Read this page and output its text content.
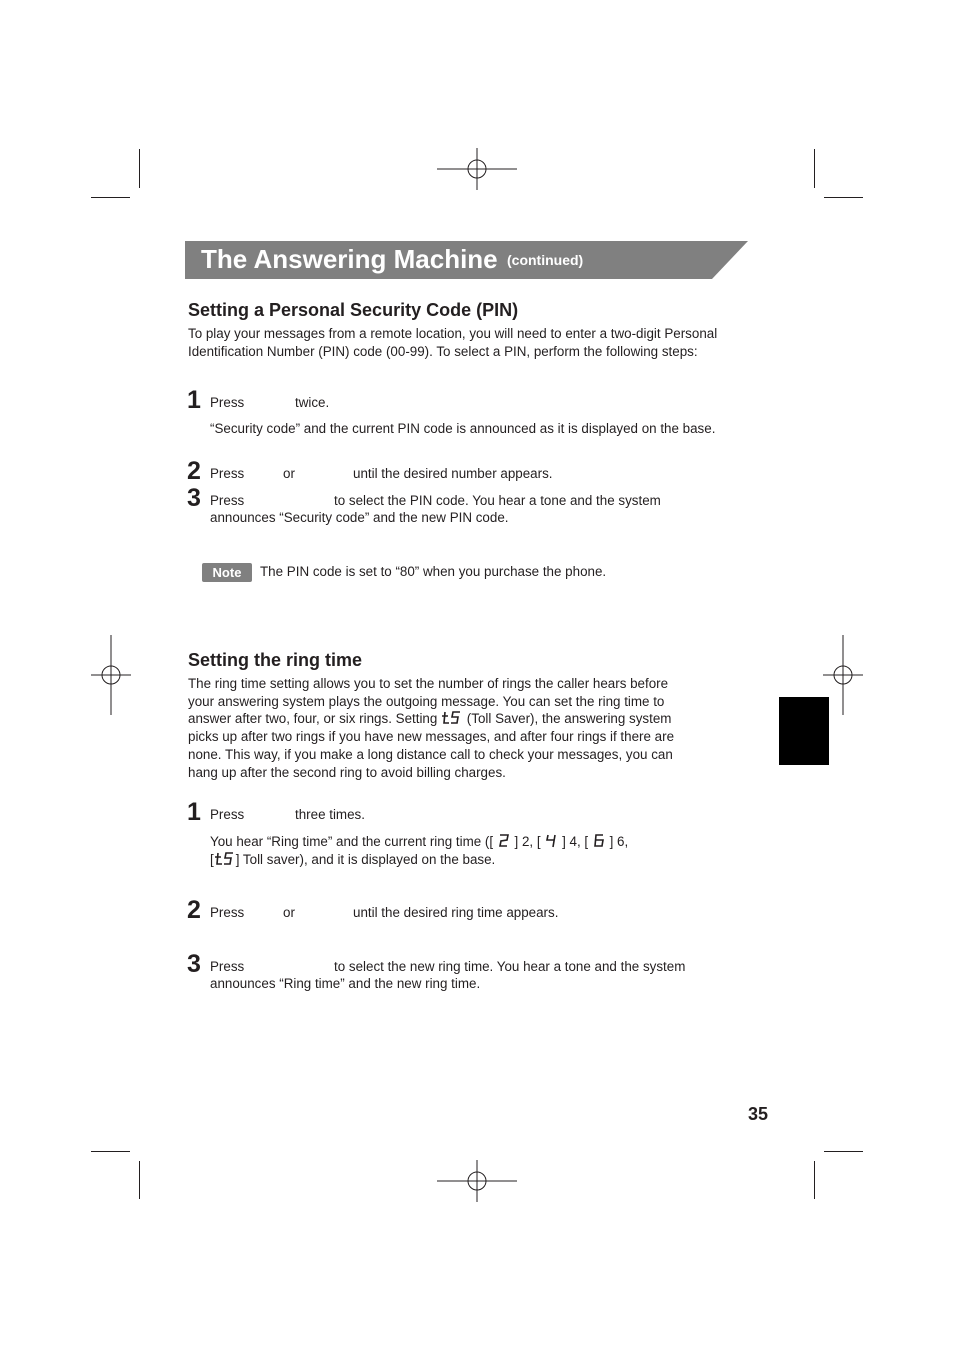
The Answering Machine (continued)
Setting a Personal Security Code (PIN)
To play your messages from a remote location, you will need to enter a two-digit Personal Identification Number (PIN) code (00-99). To select a PIN, perform the following steps:
1 Press	twice.
“Security code” and the current PIN code is announced as it is displayed on the base.
2 Press	or	until the desired number appears.
3 Press	to select the PIN code. You hear a tone and the system
announces “Security code” and the new PIN code.
Note	The PIN code is set to “80” when you purchase the phone.
Setting the ring time
The ring time setting allows you to set the number of rings the caller hears before
your answering system plays the outgoing message. You can set the ring time to
answer after two, four, or six rings. Setting (Toll Saver), the answering system
picks up after two rings if you have new messages, and after four rings if there are
none. This way, if you make a long distance call to check your messages, you can
hang up after the second ring to avoid billing charges.
1 Press	three times.
You hear “Ring time” and the current ring time ([ ] 2, [ ] 4, [ ] 6,
[ ] Toll saver), and it is displayed on the base.
2 Press	or	until the desired ring time appears.
3 Press	to select the new ring time. You hear a tone and the system
announces “Ring time” and the new ring time.
35
